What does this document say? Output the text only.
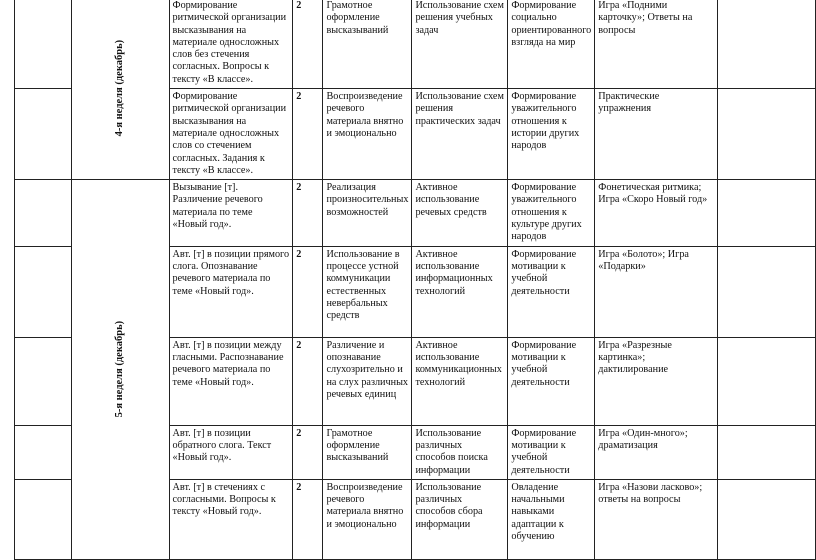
	4-я неделя (декабрь)	Формирование ритмической организации высказывания на материале односложных слов без стечения согласных. Вопросы к тексту «В классе».	2	Грамотное оформление высказываний	Использование схем решения учебных задач	Формирование социально ориентированного взгляда на мир	Игра «Подними карточку»; Ответы на вопросы	
		Формирование ритмической организации высказывания на материале односложных слов со стечением согласных. Задания к тексту «В классе».	2	Воспроизведение речевого материала внятно и эмоционально	Использование схем решения практических задач	Формирование уважительного отношения к истории других народов	Практические упражнения	
	5-я неделя (декабрь)	Вызывание [т]. Различение речевого материала по теме «Новый год».	2	Реализация произносительных возможностей	Активное использование речевых средств	Формирование уважительного отношения к культуре других народов	Фонетическая ритмика; Игра «Скоро Новый год»	
		Авт. [т] в позиции прямого слога. Опознавание речевого материала по теме «Новый год».	2	Использование в процессе устной коммуникации естественных невербальных средств	Активное использование информационных технологий	Формирование мотивации к учебной деятельности	Игра «Болото»; Игра «Подарки»	
		Авт. [т] в позиции между гласными. Распознавание речевого материала по теме «Новый год».	2	Различение и опознавание слухозрительно и на слух различных речевых единиц	Активное использование коммуникационных технологий	Формирование мотивации к учебной деятельности	Игра «Разрезные картинка»; дактилирование	
		Авт. [т] в позиции обратного слога. Текст «Новый год».	2	Грамотное оформление высказываний	Использование различных способов поиска информации	Формирование мотивации к учебной деятельности	Игра «Один-много»; драматизация	
		Авт. [т] в стечениях с согласными. Вопросы к тексту «Новый год».	2	Воспроизведение речевого материала внятно и эмоционально	Использование различных способов сбора информации	Овладение начальными навыками адаптации к обучению	Игра «Назови ласково»; ответы на вопросы	
